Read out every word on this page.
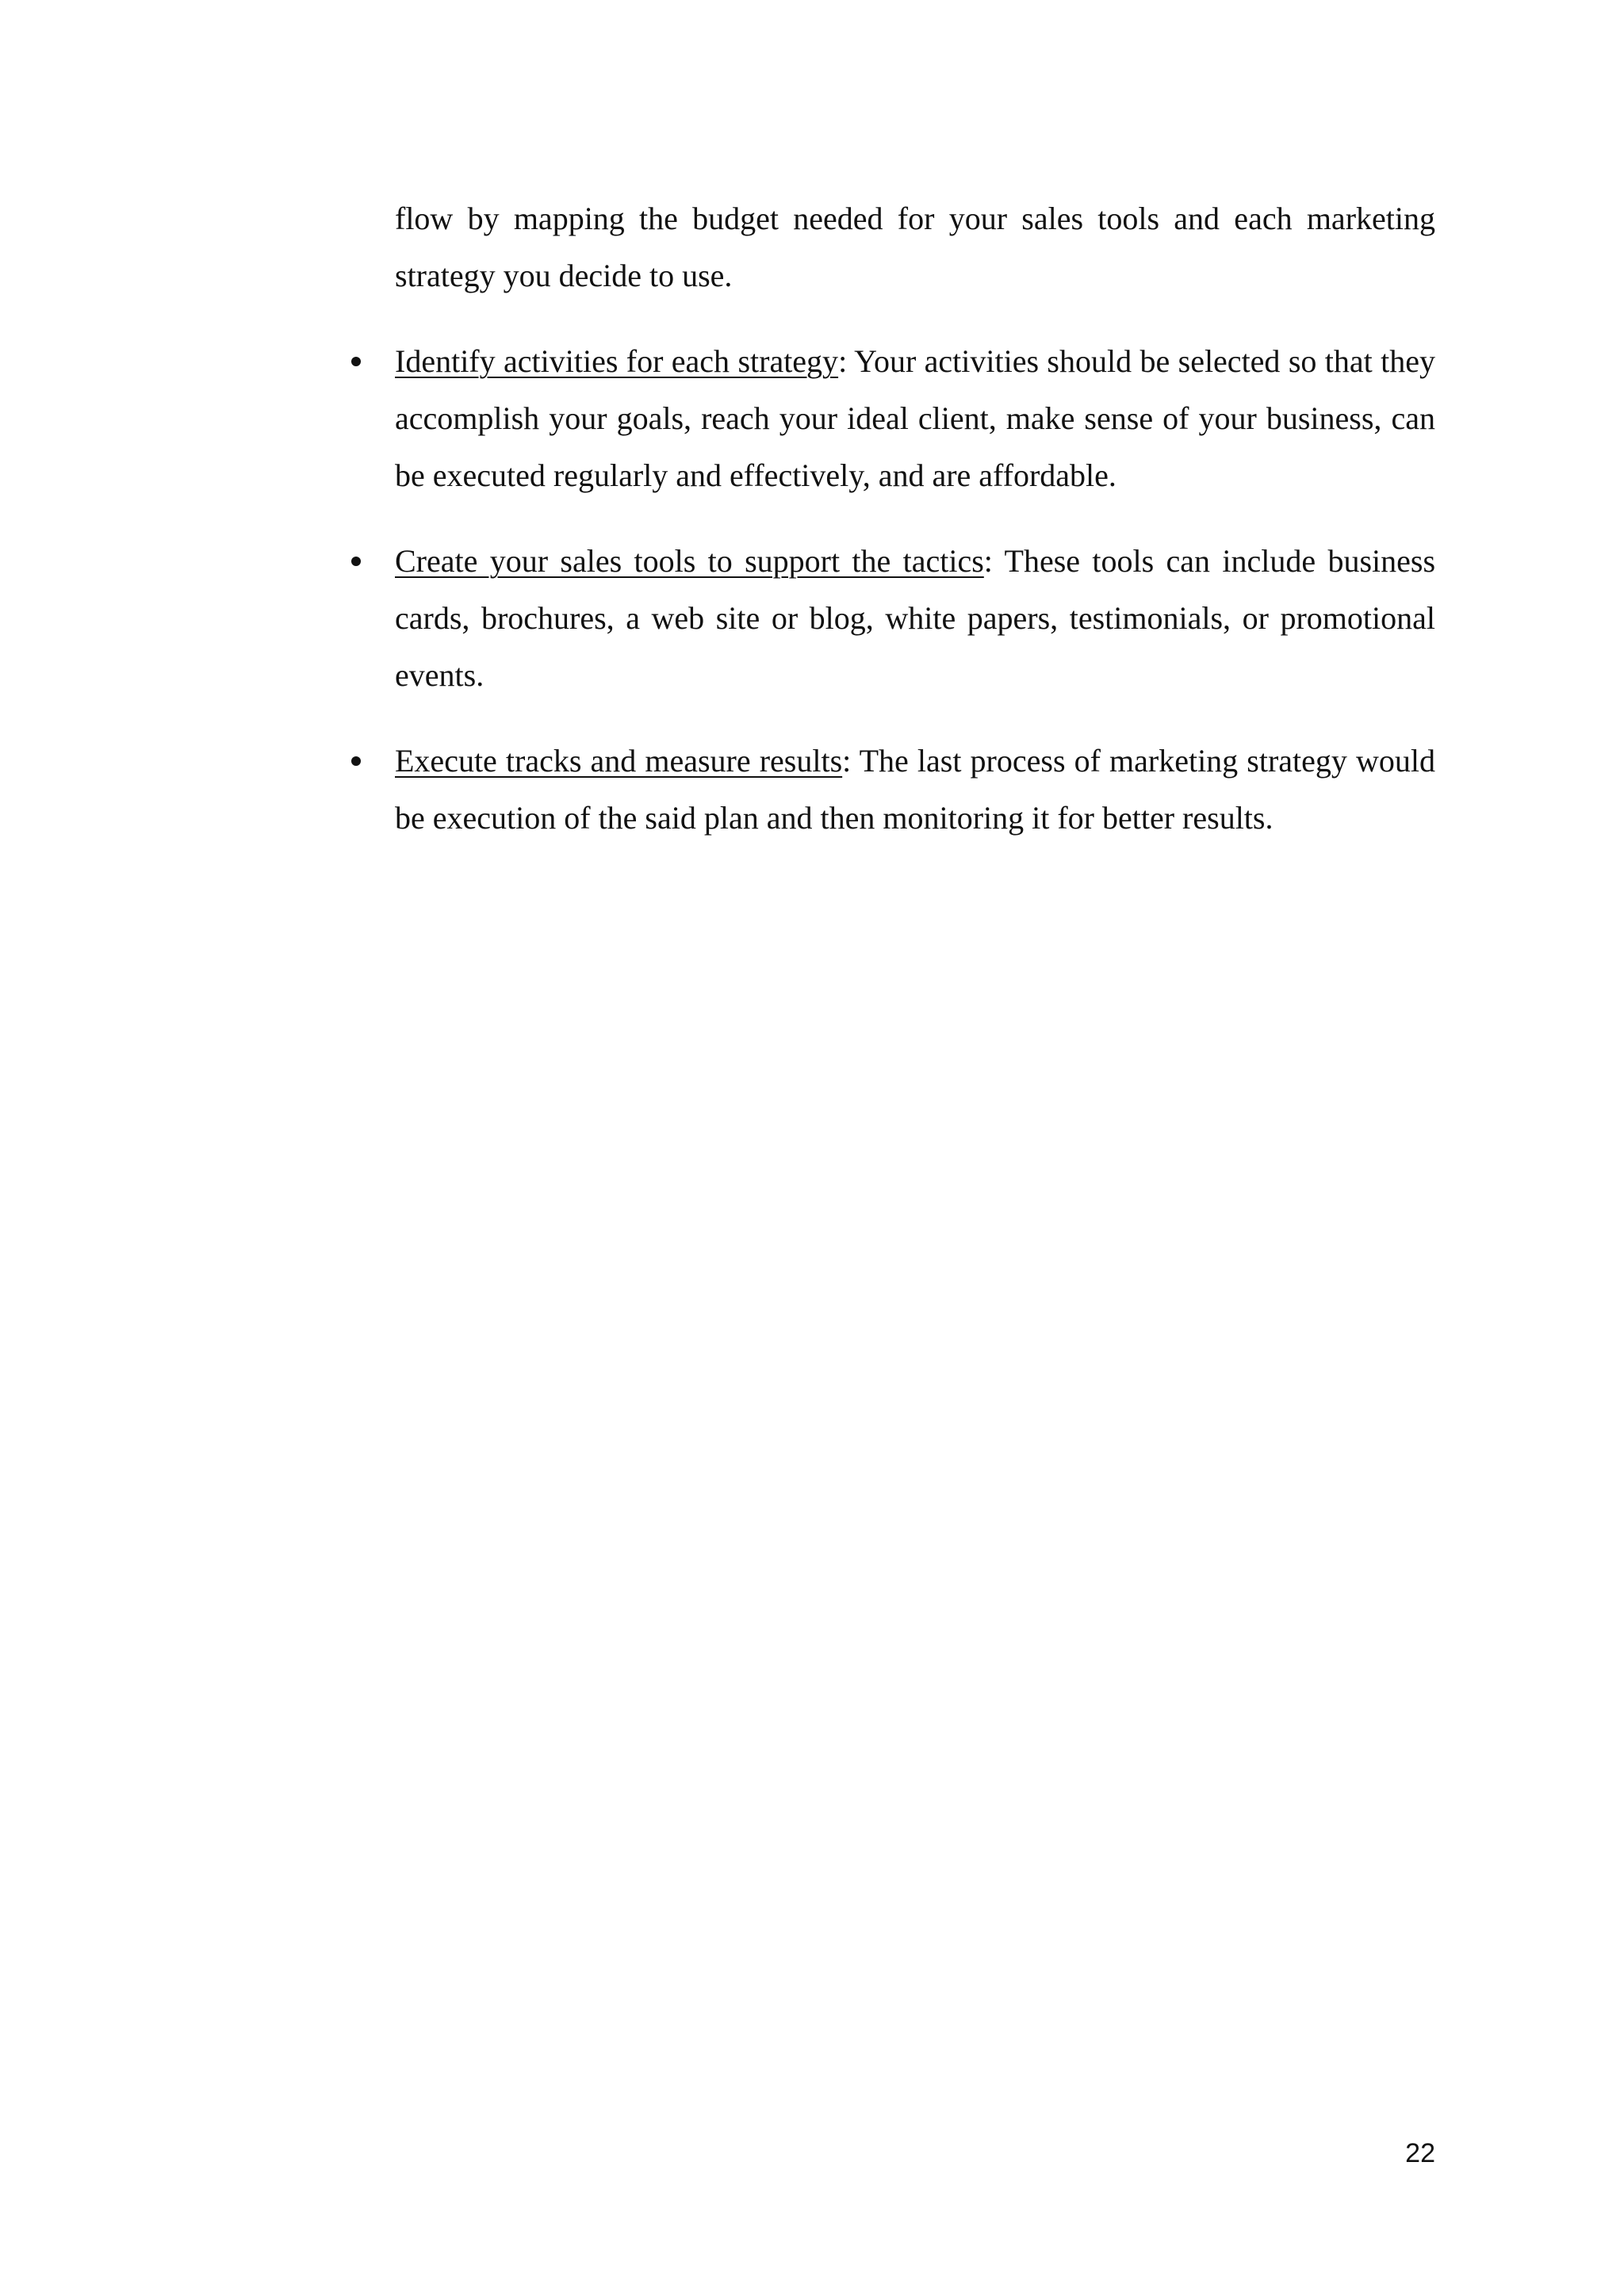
flow by mapping the budget needed for your sales tools and each marketing strategy you decide to use.

Identify activities for each strategy: Your activities should be selected so that they accomplish your goals, reach your ideal client, make sense of your business, can be executed regularly and effectively, and are affordable.
Create your sales tools to support the tactics: These tools can include business cards, brochures, a web site or blog, white papers, testimonials, or promotional events.
Execute tracks and measure results: The last process of marketing strategy would be execution of the said plan and then monitoring it for better results.
22
